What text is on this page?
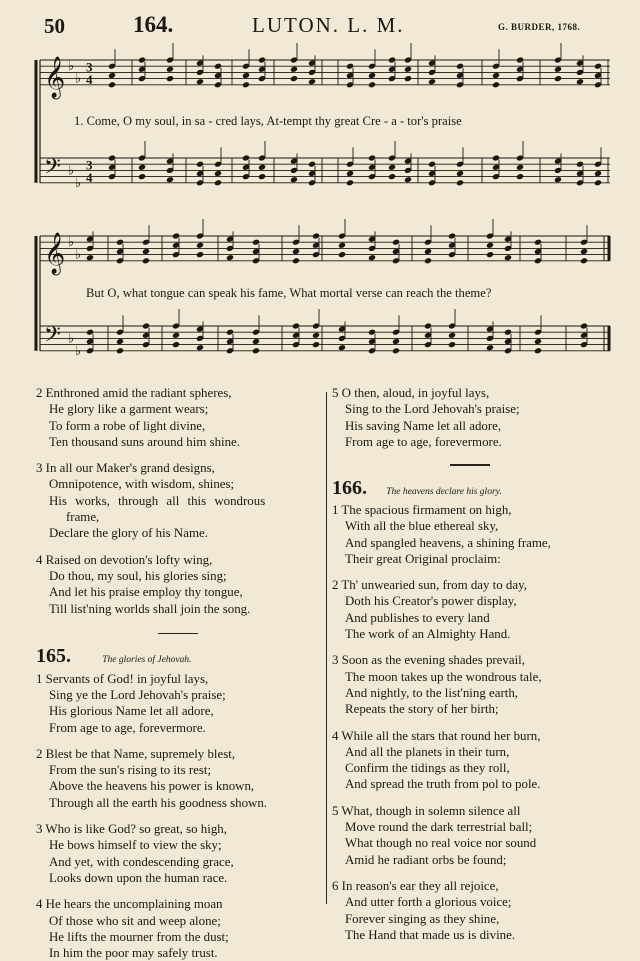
50	164.	LUTON. L. M.	G. BURDER, 1768.
𝄞 ♭
♭
𝄢 ♭
♭
𝄞 ♭
♭
𝄢 ♭
♭
3
4
3
4
1. Come, O my soul, in sa - cred lays, At-tempt thy great Cre - a - tor's praise
But O, what tongue can speak his fame, What mortal verse can reach the theme?
2 Enthroned amid the radiant spheres,
He glory like a garment wears;
To form a robe of light divine,
Ten thousand suns around him shine.
3 In all our Maker's grand designs,
Omnipotence, with wisdom, shines;
His works, through all this wondrous
frame,
Declare the glory of his Name.
4 Raised on devotion's lofty wing,
Do thou, my soul, his glories sing;
And let his praise employ thy tongue,
Till list'ning worlds shall join the song.
165.	The glories of Jehovah.
1 Servants of God! in joyful lays,
Sing ye the Lord Jehovah's praise;
His glorious Name let all adore,
From age to age, forevermore.
2 Blest be that Name, supremely blest,
From the sun's rising to its rest;
Above the heavens his power is known,
Through all the earth his goodness shown.
3 Who is like God? so great, so high,
He bows himself to view the sky;
And yet, with condescending grace,
Looks down upon the human race.
4 He hears the uncomplaining moan
Of those who sit and weep alone;
He lifts the mourner from the dust;
In him the poor may safely trust.
5 O then, aloud, in joyful lays,
Sing to the Lord Jehovah's praise;
His saving Name let all adore,
From age to age, forevermore.
166. The heavens declare his glory.
1 The spacious firmament on high,
With all the blue ethereal sky,
And spangled heavens, a shining frame,
Their great Original proclaim:
2 Th' unwearied sun, from day to day,
Doth his Creator's power display,
And publishes to every land
The work of an Almighty Hand.
3 Soon as the evening shades prevail,
The moon takes up the wondrous tale,
And nightly, to the list'ning earth,
Repeats the story of her birth;
4 While all the stars that round her burn,
And all the planets in their turn,
Confirm the tidings as they roll,
And spread the truth from pol to pole.
5 What, though in solemn silence all
Move round the dark terrestrial ball;
What though no real voice nor sound
Amid he radiant orbs be found;
6 In reason's ear they all rejoice,
And utter forth a glorious voice;
Forever singing as they shine,
The Hand that made us is divine.
